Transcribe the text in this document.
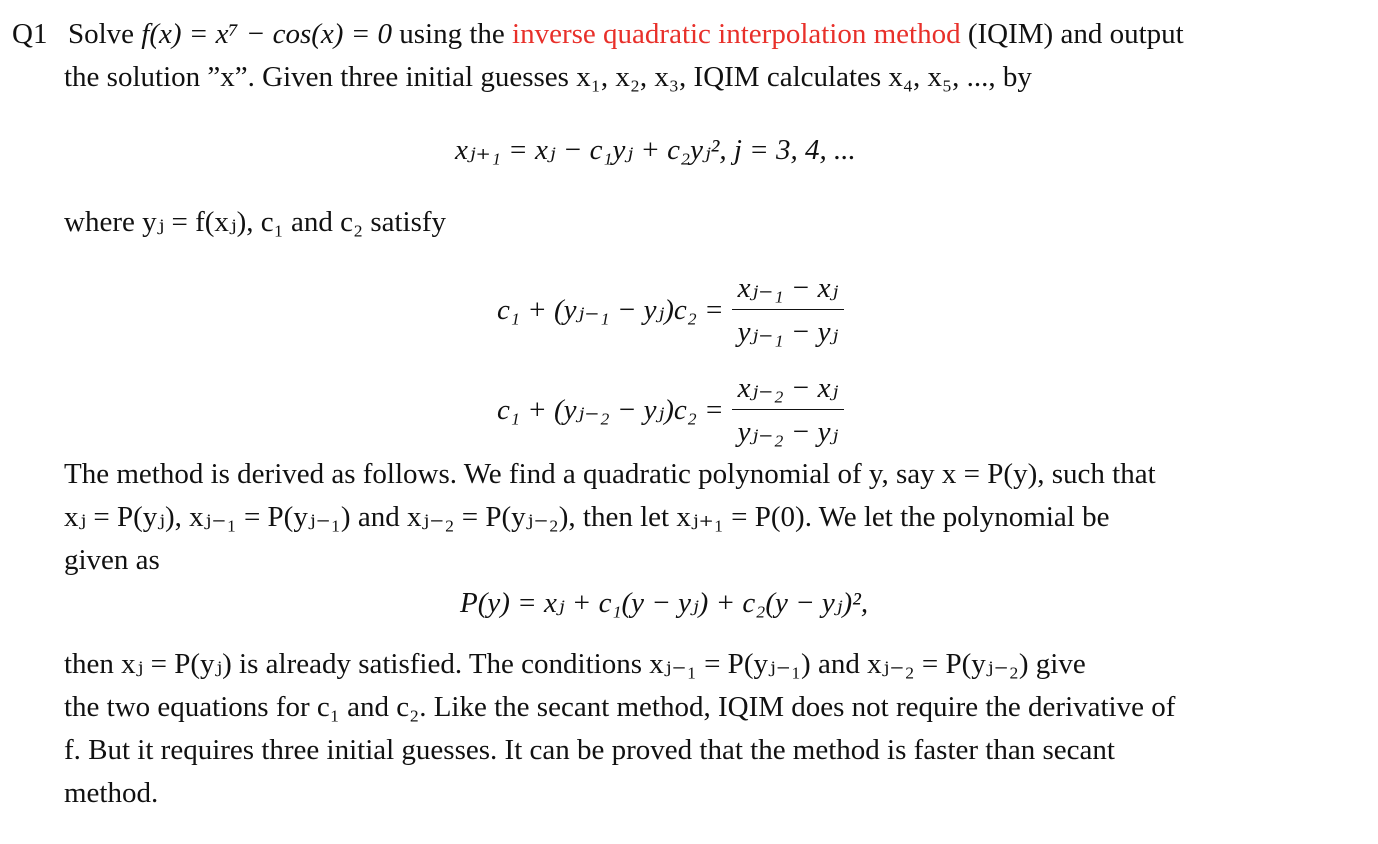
Q1 Solve f(x) = x⁷ − cos(x) = 0 using the inverse quadratic interpolation method (IQIM) and output
the solution ”x”. Given three initial guesses x₁, x₂, x₃, IQIM calculates x₄, x₅, ..., by
xⱼ₊₁ = xⱼ − c₁yⱼ + c₂yⱼ², j = 3, 4, ...
where yⱼ = f(xⱼ), c₁ and c₂ satisfy
c₁ + (yⱼ₋₁ − yⱼ)c₂ = $\frac{\text{xⱼ₋₁ − xⱼ}}{\text{yⱼ₋₁ − yⱼ}}$
c₁ + (yⱼ₋₂ − yⱼ)c₂ = $\frac{\text{xⱼ₋₂ − xⱼ}}{\text{yⱼ₋₂ − yⱼ}}$
The method is derived as follows. We find a quadratic polynomial of y, say x = P(y), such that
xⱼ = P(yⱼ), xⱼ₋₁ = P(yⱼ₋₁) and xⱼ₋₂ = P(yⱼ₋₂), then let xⱼ₊₁ = P(0). We let the polynomial be
given as
P(y) = xⱼ + c₁(y − yⱼ) + c₂(y − yⱼ)²,
then xⱼ = P(yⱼ) is already satisfied. The conditions xⱼ₋₁ = P(yⱼ₋₁) and xⱼ₋₂ = P(yⱼ₋₂) give
the two equations for c₁ and c₂. Like the secant method, IQIM does not require the derivative of
f. But it requires three initial guesses. It can be proved that the method is faster than secant
method.
